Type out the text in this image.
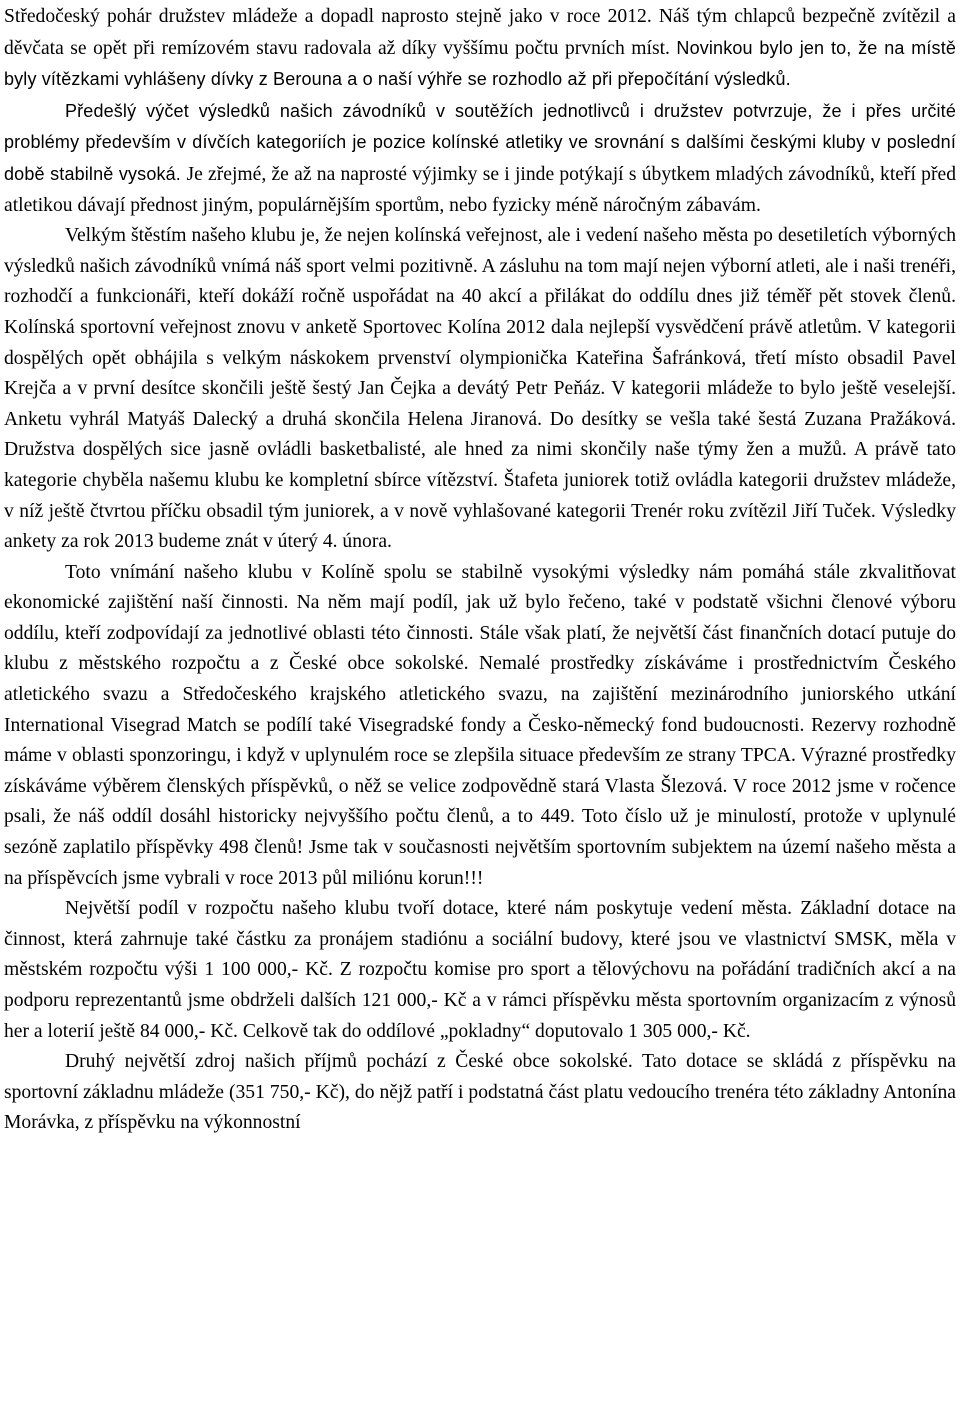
Středočeský pohár družstev mládeže a dopadl naprosto stejně jako v roce 2012. Náš tým chlapců bezpečně zvítězil a děvčata se opět při remízovém stavu radovala až díky vyššímu počtu prvních míst. Novinkou bylo jen to, že na místě byly vítězkami vyhlášeny dívky z Berouna a o naší výhře se rozhodlo až při přepočítání výsledků.

Předešlý výčet výsledků našich závodníků v soutěžích jednotlivců i družstev potvrzuje, že i přes určité problémy především v dívčích kategoriích je pozice kolínské atletiky ve srovnání s dalšími českými kluby v poslední době stabilně vysoká. Je zřejmé, že až na naprosté výjimky se i jinde potýkají s úbytkem mladých závodníků, kteří před atletikou dávají přednost jiným, populárnějším sportům, nebo fyzicky méně náročným zábavám.

Velkým štěstím našeho klubu je, že nejen kolínská veřejnost, ale i vedení našeho města po desetiletích výborných výsledků našich závodníků vnímá náš sport velmi pozitivně. A zásluhu na tom mají nejen výborní atleti, ale i naši trenéři, rozhodčí a funkcionáři, kteří dokáží ročně uspořádat na 40 akcí a přilákat do oddílu dnes již téměř pět stovek členů. Kolínská sportovní veřejnost znovu v anketě Sportovec Kolína 2012 dala nejlepší vysvědčení právě atletům. V kategorii dospělých opět obhájila s velkým náskokem prvenství olympionička Kateřina Šafránková, třetí místo obsadil Pavel Krejča a v první desítce skončili ještě šestý Jan Čejka a devátý Petr Peňáz. V kategorii mládeže to bylo ještě veselejší. Anketu vyhrál Matyáš Dalecký a druhá skončila Helena Jiranová. Do desítky se vešla také šestá Zuzana Pražáková. Družstva dospělých sice jasně ovládli basketbalisté, ale hned za nimi skončily naše týmy žen a mužů. A právě tato kategorie chyběla našemu klubu ke kompletní sbírce vítězství. Štafeta juniorek totiž ovládla kategorii družstev mládeže, v níž ještě čtvrtou příčku obsadil tým juniorek, a v nově vyhlašované kategorii Trenér roku zvítězil Jiří Tuček. Výsledky ankety za rok 2013 budeme znát v úterý 4. února.

Toto vnímání našeho klubu v Kolíně spolu se stabilně vysokými výsledky nám pomáhá stále zkvalitňovat ekonomické zajištění naší činnosti. Na něm mají podíl, jak už bylo řečeno, také v podstatě všichni členové výboru oddílu, kteří zodpovídají za jednotlivé oblasti této činnosti. Stále však platí, že největší část finančních dotací putuje do klubu z městského rozpočtu a z České obce sokolské. Nemalé prostředky získáváme i prostřednictvím Českého atletického svazu a Středočeského krajského atletického svazu, na zajištění mezinárodního juniorského utkání International Visegrad Match se podílí také Visegradské fondy a Česko-německý fond budoucnosti. Rezervy rozhodně máme v oblasti sponzoringu, i když v uplynulém roce se zlepšila situace především ze strany TPCA. Výrazné prostředky získáváme výběrem členských příspěvků, o něž se velice zodpovědně stará Vlasta Šlezová. V roce 2012 jsme v ročence psali, že náš oddíl dosáhl historicky nejvyššího počtu členů, a to 449. Toto číslo už je minulostí, protože v uplynulé sezóně zaplatilo příspěvky 498 členů! Jsme tak v současnosti největším sportovním subjektem na území našeho města a na příspěvcích jsme vybrali v roce 2013 půl miliónu korun!!!

Největší podíl v rozpočtu našeho klubu tvoří dotace, které nám poskytuje vedení města. Základní dotace na činnost, která zahrnuje také částku za pronájem stadiónu a sociální budovy, které jsou ve vlastnictví SMSK, měla v městském rozpočtu výši 1 100 000,- Kč. Z rozpočtu komise pro sport a tělovýchovu na pořádání tradičních akcí a na podporu reprezentantů jsme obdrželi dalších 121 000,- Kč a v rámci příspěvku města sportovním organizacím z výnosů her a loterií ještě 84 000,- Kč. Celkově tak do oddílové „pokladny“ doputovalo 1 305 000,- Kč.

Druhý největší zdroj našich příjmů pochází z České obce sokolské. Tato dotace se skládá z příspěvku na sportovní základnu mládeže (351 750,- Kč), do nějž patří i podstatná část platu vedoucího trenéra této základny Antonína Morávka, z příspěvku na výkonnostní
